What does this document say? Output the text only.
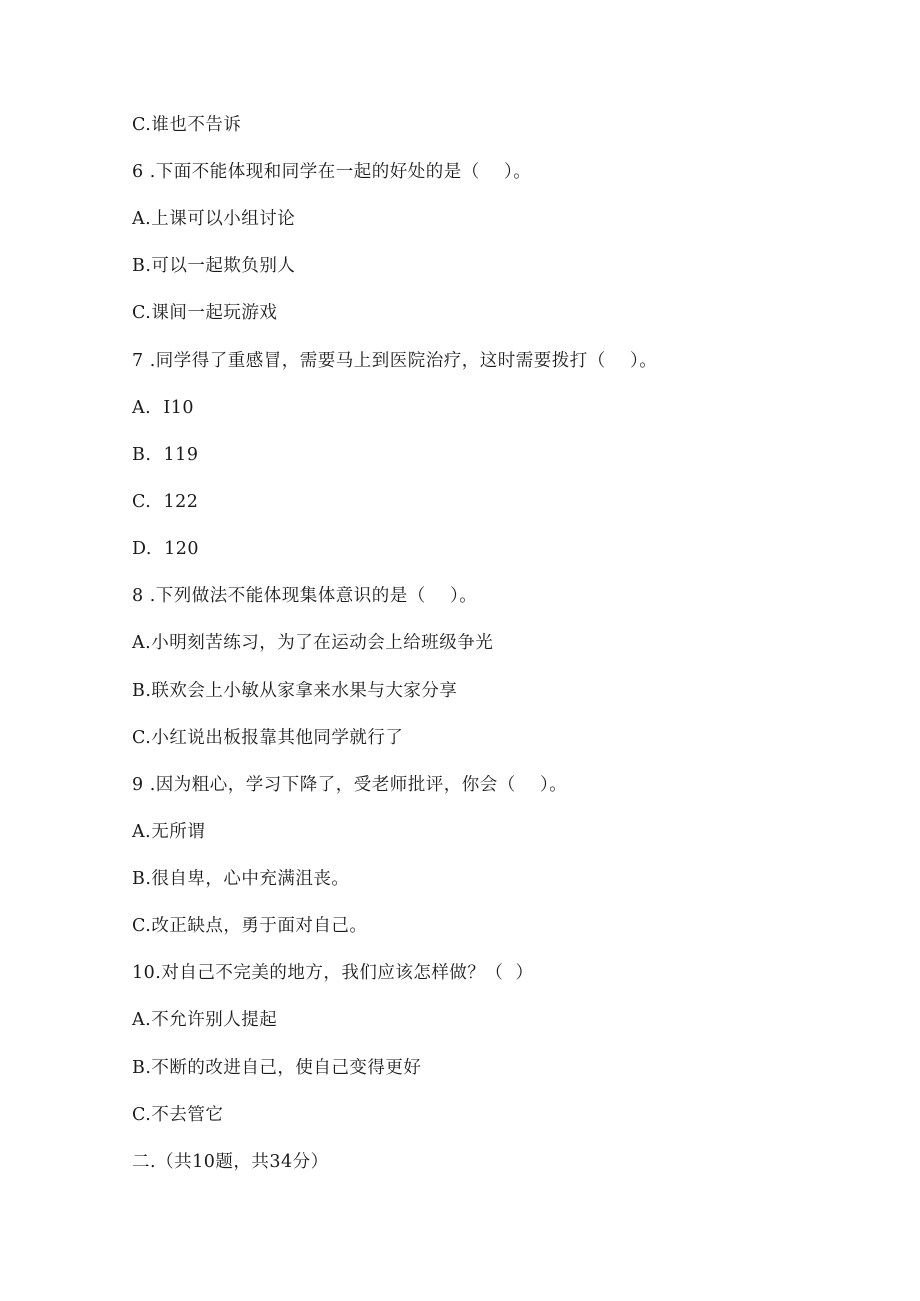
C.谁也不告诉
6 .下面不能体现和同学在一起的好处的是（    ）。
A.上课可以小组讨论
B.可以一起欺负别人
C.课间一起玩游戏
7 .同学得了重感冒，需要马上到医院治疗，这时需要拨打（    ）。
A.  I10
B.  119
C.  122
D.  120
8 .下列做法不能体现集体意识的是（    ）。
A.小明刻苦练习，为了在运动会上给班级争光
B.联欢会上小敏从家拿来水果与大家分享
C.小红说出板报靠其他同学就行了
9 .因为粗心，学习下降了，受老师批评，你会（    ）。
A.无所谓
B.很自卑，心中充满沮丧。
C.改正缺点，勇于面对自己。
10.对自己不完美的地方，我们应该怎样做？（  ）
A.不允许别人提起
B.不断的改进自己，使自己变得更好
C.不去管它
二.（共10题，共34分）
